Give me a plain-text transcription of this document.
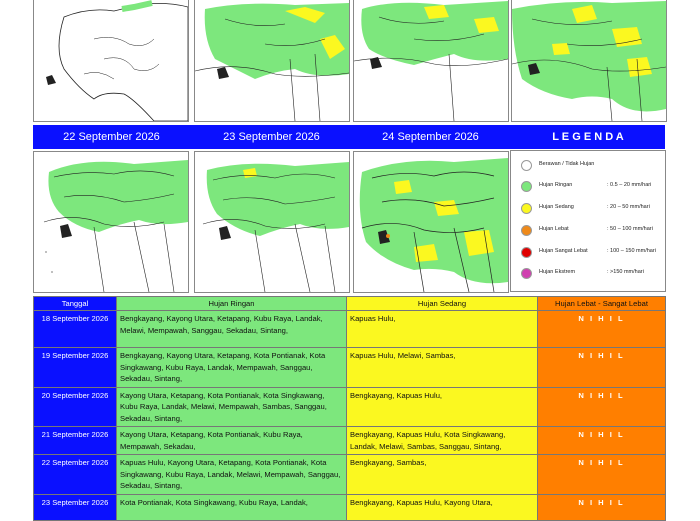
22 September 2026	23 September 2026	24 September 2026	L E G E N D A
Berawan / Tidak Hujan
Hujan Ringan	: 0.5 – 20 mm/hari
Hujan Sedang	: 20 – 50 mm/hari
Hujan Lebat	: 50 – 100 mm/hari
Hujan Sangat Lebat	: 100 – 150 mm/hari
Hujan Ekstrem	: >150 mm/hari
Tanggal	Hujan Ringan	Hujan Sedang	Hujan Lebat - Sangat Lebat
18 September 2026	Bengkayang, Kayong Utara, Ketapang, Kubu Raya, Landak, Melawi, Mempawah, Sanggau, Sekadau, Sintang,	Kapuas Hulu,	N I H I L
19 September 2026	Bengkayang, Kayong Utara, Ketapang, Kota Pontianak, Kota Singkawang, Kubu Raya, Landak, Mempawah, Sanggau, Sekadau, Sintang,	Kapuas Hulu, Melawi, Sambas,	N I H I L
20 September 2026	Kayong Utara, Ketapang, Kota Pontianak, Kota Singkawang, Kubu Raya, Landak, Melawi, Mempawah, Sambas, Sanggau, Sekadau, Sintang,	Bengkayang, Kapuas Hulu,	N I H I L
21 September 2026	Kayong Utara, Ketapang, Kota Pontianak, Kubu Raya, Mempawah, Sekadau,	Bengkayang, Kapuas Hulu, Kota Singkawang, Landak, Melawi, Sambas, Sanggau, Sintang,	N I H I L
22 September 2026	Kapuas Hulu, Kayong Utara, Ketapang, Kota Pontianak, Kota Singkawang, Kubu Raya, Landak, Melawi, Mempawah, Sanggau, Sekadau, Sintang,	Bengkayang, Sambas,	N I H I L
23 September 2026	Kota Pontianak, Kota Singkawang, Kubu Raya, Landak,	Bengkayang, Kapuas Hulu, Kayong Utara,	N I H I L
